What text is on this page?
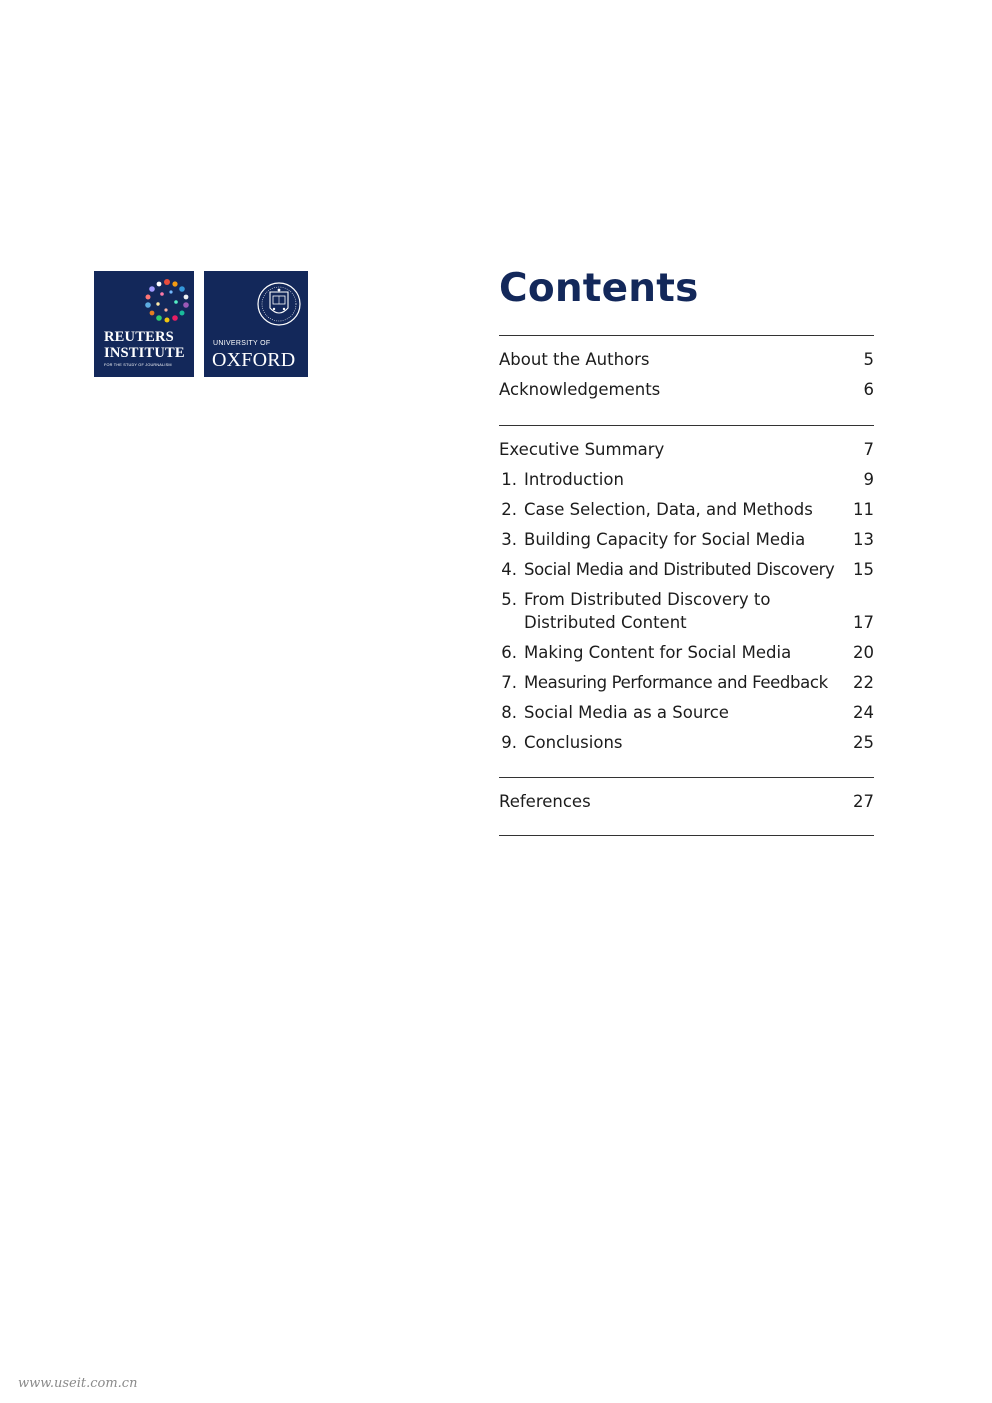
REUTERS
INSTITUTE
FOR THE STUDY OF JOURNALISM
UNIVERSITY OF
OXFORD
Contents
About the Authors	5
Acknowledgements	6
Executive Summary	7
1. Introduction	9
2. Case Selection, Data, and Methods 11
3. Building Capacity for Social Media	13
4. Social Media and Distributed Discovery 15
5. From Distributed Discovery to
Distributed Content	17
6. Making Content for Social Media	20
7. Measuring Performance and Feedback 22
8. Social Media as a Source	24
9. Conclusions	25
References	27
www.useit.com.cn
